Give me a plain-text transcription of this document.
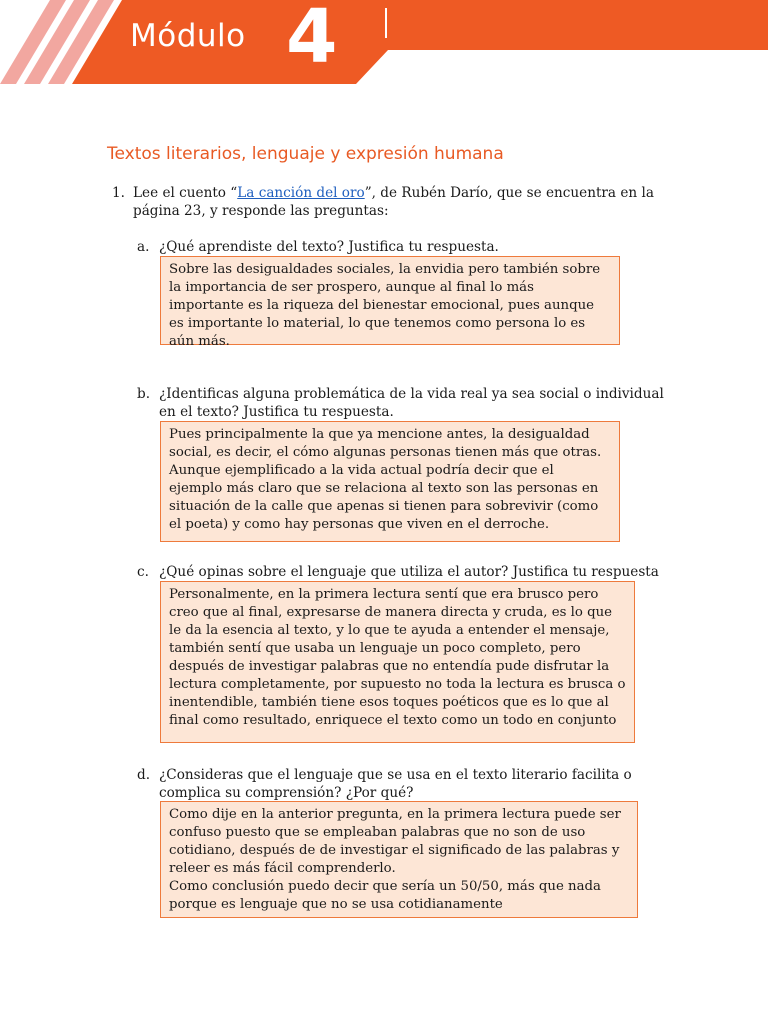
Módulo 4
Textos literarios, lenguaje y expresión humana
1. Lee el cuento “La canción del oro”, de Rubén Darío, que se encuentra en la página 23, y responde las preguntas:
a. ¿Qué aprendiste del texto? Justifica tu respuesta.
Sobre las desigualdades sociales, la envidia pero también sobre la importancia de ser prospero, aunque al final lo más importante es la riqueza del bienestar emocional, pues aunque es importante lo material, lo que tenemos como persona lo es aún más.
b. ¿Identificas alguna problemática de la vida real ya sea social o individual en el texto? Justifica tu respuesta.
Pues principalmente la que ya mencione antes, la desigualdad social, es decir, el cómo algunas personas tienen más que otras.
Aunque ejemplificado a la vida actual podría decir que el ejemplo más claro que se relaciona al texto son las personas en situación de la calle que apenas si tienen para sobrevivir (como el poeta) y como hay personas que viven en el derroche.
c. ¿Qué opinas sobre el lenguaje que utiliza el autor? Justifica tu respuesta
Personalmente, en la primera lectura sentí que era brusco pero creo que al final, expresarse de manera directa y cruda, es lo que le da la esencia al texto, y lo que te ayuda a entender el mensaje, también sentí que usaba un lenguaje un poco completo, pero después de investigar palabras que no entendía pude disfrutar la lectura completamente, por supuesto no toda la lectura es brusca o inentendible, también tiene esos toques poéticos que es lo que al final como resultado, enriquece el texto como un todo en conjunto
d. ¿Consideras que el lenguaje que se usa en el texto literario facilita o complica su comprensión? ¿Por qué?
Como dije en la anterior pregunta, en la primera lectura puede ser confuso puesto que se empleaban palabras que no son de uso cotidiano, después de de investigar el significado de las palabras y releer es más fácil comprenderlo.
Como conclusión puedo decir que sería un 50/50, más que nada porque es lenguaje que no se usa cotidianamente
